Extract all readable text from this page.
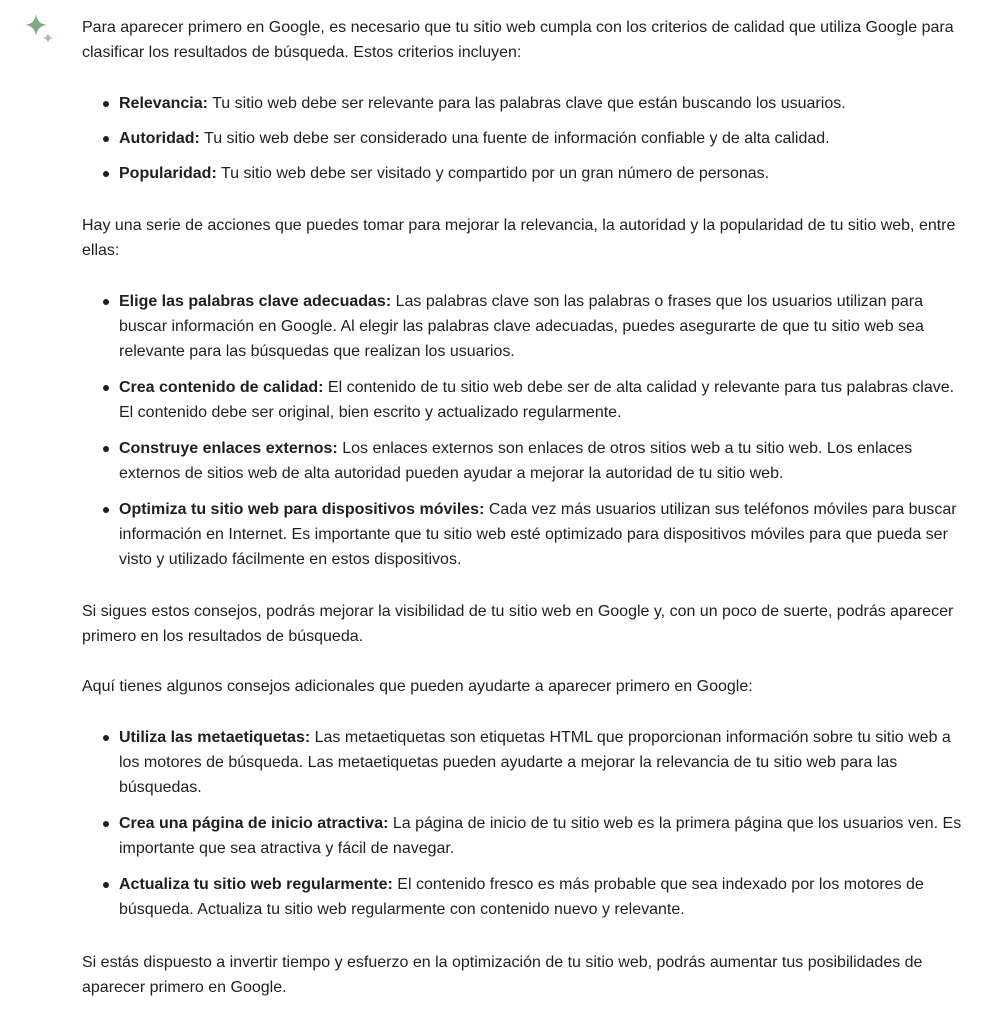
Para aparecer primero en Google, es necesario que tu sitio web cumpla con los criterios de calidad que utiliza Google para clasificar los resultados de búsqueda. Estos criterios incluyen:

Relevancia: Tu sitio web debe ser relevante para las palabras clave que están buscando los usuarios.
Autoridad: Tu sitio web debe ser considerado una fuente de información confiable y de alta calidad.
Popularidad: Tu sitio web debe ser visitado y compartido por un gran número de personas.

Hay una serie de acciones que puedes tomar para mejorar la relevancia, la autoridad y la popularidad de tu sitio web, entre ellas:

Elige las palabras clave adecuadas: Las palabras clave son las palabras o frases que los usuarios utilizan para buscar información en Google. Al elegir las palabras clave adecuadas, puedes asegurarte de que tu sitio web sea relevante para las búsquedas que realizan los usuarios.
Crea contenido de calidad: El contenido de tu sitio web debe ser de alta calidad y relevante para tus palabras clave. El contenido debe ser original, bien escrito y actualizado regularmente.
Construye enlaces externos: Los enlaces externos son enlaces de otros sitios web a tu sitio web. Los enlaces externos de sitios web de alta autoridad pueden ayudar a mejorar la autoridad de tu sitio web.
Optimiza tu sitio web para dispositivos móviles: Cada vez más usuarios utilizan sus teléfonos móviles para buscar información en Internet. Es importante que tu sitio web esté optimizado para dispositivos móviles para que pueda ser visto y utilizado fácilmente en estos dispositivos.

Si sigues estos consejos, podrás mejorar la visibilidad de tu sitio web en Google y, con un poco de suerte, podrás aparecer primero en los resultados de búsqueda.

Aquí tienes algunos consejos adicionales que pueden ayudarte a aparecer primero en Google:

Utiliza las metaetiquetas: Las metaetiquetas son etiquetas HTML que proporcionan información sobre tu sitio web a los motores de búsqueda. Las metaetiquetas pueden ayudarte a mejorar la relevancia de tu sitio web para las búsquedas.
Crea una página de inicio atractiva: La página de inicio de tu sitio web es la primera página que los usuarios ven. Es importante que sea atractiva y fácil de navegar.
Actualiza tu sitio web regularmente: El contenido fresco es más probable que sea indexado por los motores de búsqueda. Actualiza tu sitio web regularmente con contenido nuevo y relevante.

Si estás dispuesto a invertir tiempo y esfuerzo en la optimización de tu sitio web, podrás aumentar tus posibilidades de aparecer primero en Google.
